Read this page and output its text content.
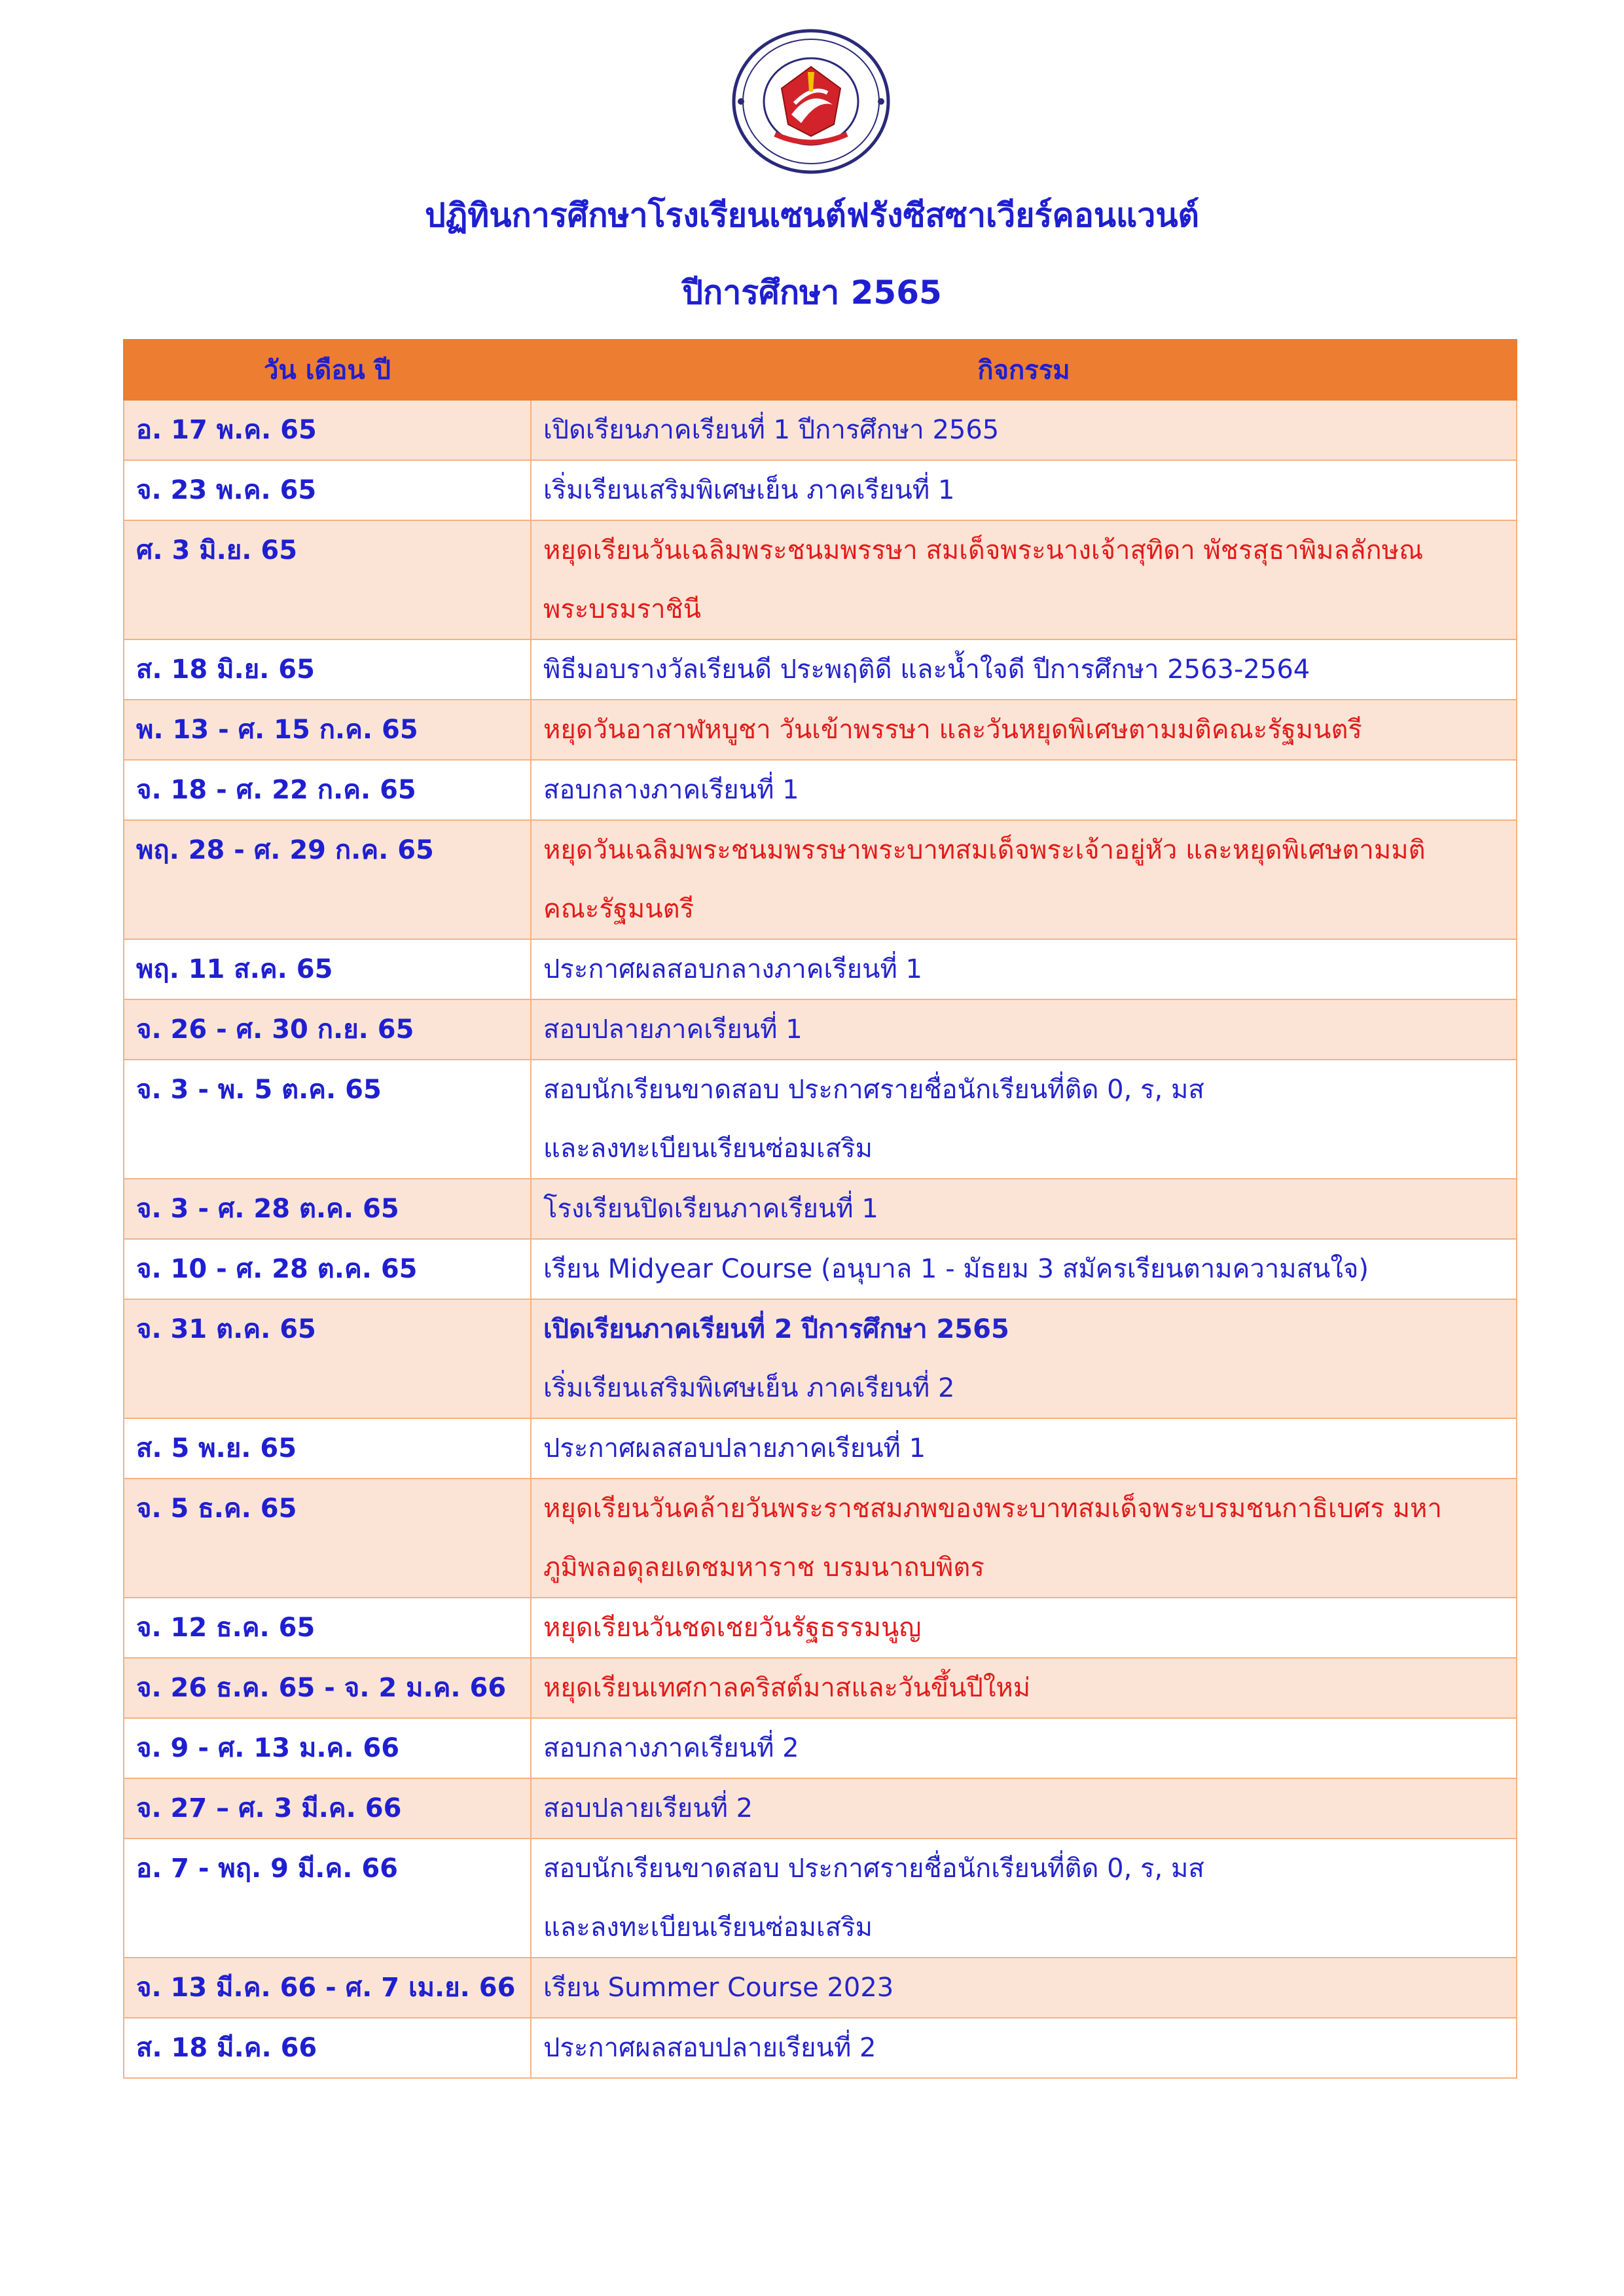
ปฏิทินการศึกษาโรงเรียนเซนต์ฟรังซีสซาเวียร์คอนแวนต์
ปีการศึกษา 2565
วัน เดือน ปี	กิจกรรม
อ. 17 พ.ค. 65	เปิดเรียนภาคเรียนที่ 1 ปีการศึกษา 2565

จ. 23 พ.ค. 65	เริ่มเรียนเสริมพิเศษเย็น ภาคเรียนที่ 1

ศ. 3 มิ.ย. 65	หยุดเรียนวันเฉลิมพระชนมพรรษา สมเด็จพระนางเจ้าสุทิดา พัชรสุธาพิมลลักษณ
พระบรมราชินี

ส. 18 มิ.ย. 65	พิธีมอบรางวัลเรียนดี ประพฤติดี และน้ำใจดี ปีการศึกษา 2563-2564

พ. 13 - ศ. 15 ก.ค. 65	หยุดวันอาสาฬหบูชา วันเข้าพรรษา และวันหยุดพิเศษตามมติคณะรัฐมนตรี

จ. 18 - ศ. 22 ก.ค. 65	สอบกลางภาคเรียนที่ 1

พฤ. 28 - ศ. 29 ก.ค. 65	หยุดวันเฉลิมพระชนมพรรษาพระบาทสมเด็จพระเจ้าอยู่หัว และหยุดพิเศษตามมติ
คณะรัฐมนตรี

พฤ. 11 ส.ค. 65	ประกาศผลสอบกลางภาคเรียนที่ 1

จ. 26 - ศ. 30 ก.ย. 65	สอบปลายภาคเรียนที่ 1

จ. 3 - พ. 5 ต.ค. 65	สอบนักเรียนขาดสอบ ประกาศรายชื่อนักเรียนที่ติด 0, ร, มส
และลงทะเบียนเรียนซ่อมเสริม

จ. 3 - ศ. 28 ต.ค. 65	โรงเรียนปิดเรียนภาคเรียนที่ 1

จ. 10 - ศ. 28 ต.ค. 65	เรียน Midyear Course (อนุบาล 1 - มัธยม 3 สมัครเรียนตามความสนใจ)

จ. 31 ต.ค. 65	เปิดเรียนภาคเรียนที่ 2 ปีการศึกษา 2565
เริ่มเรียนเสริมพิเศษเย็น ภาคเรียนที่ 2

ส. 5 พ.ย. 65	ประกาศผลสอบปลายภาคเรียนที่ 1

จ. 5 ธ.ค. 65	หยุดเรียนวันคล้ายวันพระราชสมภพของพระบาทสมเด็จพระบรมชนกาธิเบศร มหา
ภูมิพลอดุลยเดชมหาราช บรมนาถบพิตร

จ. 12 ธ.ค. 65	หยุดเรียนวันชดเชยวันรัฐธรรมนูญ

จ. 26 ธ.ค. 65 - จ. 2 ม.ค. 66	หยุดเรียนเทศกาลคริสต์มาสและวันขึ้นปีใหม่

จ. 9 - ศ. 13 ม.ค. 66	สอบกลางภาคเรียนที่ 2

จ. 27 – ศ. 3 มี.ค. 66	สอบปลายเรียนที่ 2

อ. 7 - พฤ. 9 มี.ค. 66	สอบนักเรียนขาดสอบ ประกาศรายชื่อนักเรียนที่ติด 0, ร, มส
และลงทะเบียนเรียนซ่อมเสริม

จ. 13 มี.ค. 66 - ศ. 7 เม.ย. 66	เรียน Summer Course 2023

ส. 18 มี.ค. 66	ประกาศผลสอบปลายเรียนที่ 2
